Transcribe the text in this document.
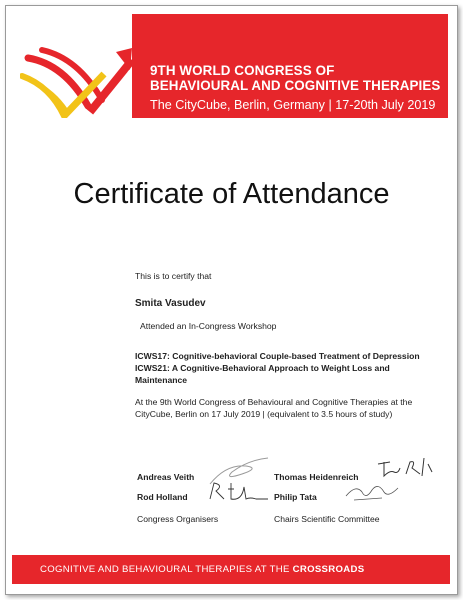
9TH WORLD CONGRESS OF
BEHAVIOURAL AND COGNITIVE THERAPIES
The CityCube, Berlin, Germany | 17-20th July 2019
Certificate of Attendance
This is to certify that
Smita Vasudev
Attended an In-Congress Workshop
ICWS17: Cognitive-behavioral Couple-based Treatment of Depression
ICWS21: A Cognitive-Behavioral Approach to Weight Loss and
Maintenance
At the 9th World Congress of Behavioural and Cognitive Therapies at the
CityCube, Berlin on 17 July 2019 | (equivalent to 3.5 hours of study)
Andreas Veith
Rod Holland
Congress Organisers
Thomas Heidenreich
Philip Tata
Chairs Scientific Committee
COGNITIVE AND BEHAVIOURAL THERAPIES AT THE CROSSROADS
